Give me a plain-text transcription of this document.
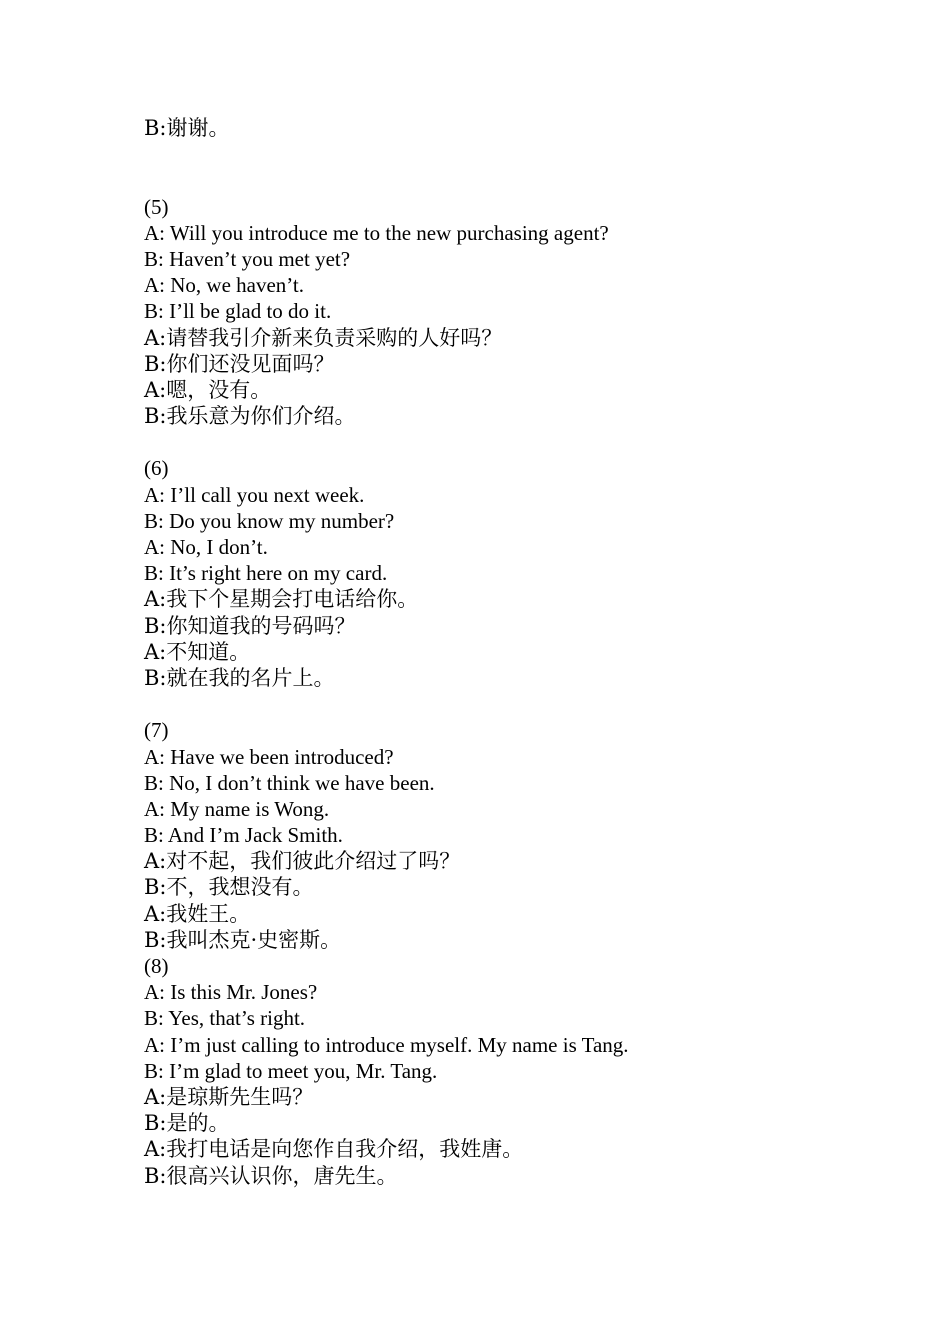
B:谢谢。
(5)
A: Will you introduce me to the new purchasing agent?
B: Haven’t you met yet?
A: No, we haven’t.
B: I’ll be glad to do it.
A:请替我引介新来负责采购的人好吗？
B:你们还没见面吗？
A:嗯，没有。
B:我乐意为你们介绍。
(6)
A: I’ll call you next week.
B: Do you know my number?
A: No, I don’t.
B: It’s right here on my card.
A:我下个星期会打电话给你。
B:你知道我的号码吗？
A:不知道。
B:就在我的名片上。
(7)
A: Have we been introduced?
B: No, I don’t think we have been.
A: My name is Wong.
B: And I’m Jack Smith.
A:对不起，我们彼此介绍过了吗？
B:不，我想没有。
A:我姓王。
B:我叫杰克·史密斯。
(8)
A: Is this Mr. Jones?
B: Yes, that’s right.
A: I’m just calling to introduce myself. My name is Tang.
B: I’m glad to meet you, Mr. Tang.
A:是琼斯先生吗？
B:是的。
A:我打电话是向您作自我介绍，我姓唐。
B:很高兴认识你，唐先生。
